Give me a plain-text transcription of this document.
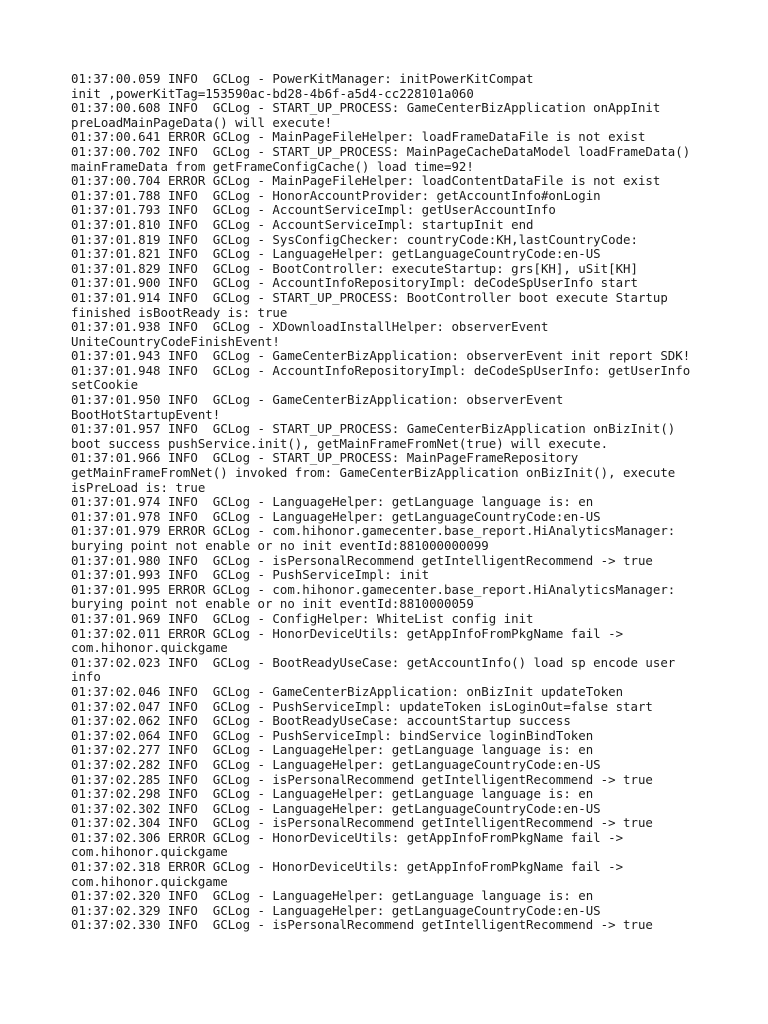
01:37:00.059 INFO  GCLog - PowerKitManager: initPowerKitCompat
init ,powerKitTag=153590ac-bd28-4b6f-a5d4-cc228101a060
01:37:00.608 INFO  GCLog - START_UP_PROCESS: GameCenterBizApplication onAppInit
preLoadMainPageData() will execute!
01:37:00.641 ERROR GCLog - MainPageFileHelper: loadFrameDataFile is not exist
01:37:00.702 INFO  GCLog - START_UP_PROCESS: MainPageCacheDataModel loadFrameData()
mainFrameData from getFrameConfigCache() load time=92!
01:37:00.704 ERROR GCLog - MainPageFileHelper: loadContentDataFile is not exist
01:37:01.788 INFO  GCLog - HonorAccountProvider: getAccountInfo#onLogin
01:37:01.793 INFO  GCLog - AccountServiceImpl: getUserAccountInfo
01:37:01.810 INFO  GCLog - AccountServiceImpl: startupInit end
01:37:01.819 INFO  GCLog - SysConfigChecker: countryCode:KH,lastCountryCode:
01:37:01.821 INFO  GCLog - LanguageHelper: getLanguageCountryCode:en-US
01:37:01.829 INFO  GCLog - BootController: executeStartup: grs[KH], uSit[KH]
01:37:01.900 INFO  GCLog - AccountInfoRepositoryImpl: deCodeSpUserInfo start
01:37:01.914 INFO  GCLog - START_UP_PROCESS: BootController boot execute Startup
finished isBootReady is: true
01:37:01.938 INFO  GCLog - XDownloadInstallHelper: observerEvent
UniteCountryCodeFinishEvent!
01:37:01.943 INFO  GCLog - GameCenterBizApplication: observerEvent init report SDK!
01:37:01.948 INFO  GCLog - AccountInfoRepositoryImpl: deCodeSpUserInfo: getUserInfo
setCookie
01:37:01.950 INFO  GCLog - GameCenterBizApplication: observerEvent
BootHotStartupEvent!
01:37:01.957 INFO  GCLog - START_UP_PROCESS: GameCenterBizApplication onBizInit()
boot success pushService.init(), getMainFrameFromNet(true) will execute.
01:37:01.966 INFO  GCLog - START_UP_PROCESS: MainPageFrameRepository
getMainFrameFromNet() invoked from: GameCenterBizApplication onBizInit(), execute
isPreLoad is: true
01:37:01.974 INFO  GCLog - LanguageHelper: getLanguage language is: en
01:37:01.978 INFO  GCLog - LanguageHelper: getLanguageCountryCode:en-US
01:37:01.979 ERROR GCLog - com.hihonor.gamecenter.base_report.HiAnalyticsManager:
burying point not enable or no init eventId:881000000099
01:37:01.980 INFO  GCLog - isPersonalRecommend getIntelligentRecommend -> true
01:37:01.993 INFO  GCLog - PushServiceImpl: init
01:37:01.995 ERROR GCLog - com.hihonor.gamecenter.base_report.HiAnalyticsManager:
burying point not enable or no init eventId:8810000059
01:37:01.969 INFO  GCLog - ConfigHelper: WhiteList config init
01:37:02.011 ERROR GCLog - HonorDeviceUtils: getAppInfoFromPkgName fail ->
com.hihonor.quickgame
01:37:02.023 INFO  GCLog - BootReadyUseCase: getAccountInfo() load sp encode user
info
01:37:02.046 INFO  GCLog - GameCenterBizApplication: onBizInit updateToken
01:37:02.047 INFO  GCLog - PushServiceImpl: updateToken isLoginOut=false start
01:37:02.062 INFO  GCLog - BootReadyUseCase: accountStartup success
01:37:02.064 INFO  GCLog - PushServiceImpl: bindService loginBindToken
01:37:02.277 INFO  GCLog - LanguageHelper: getLanguage language is: en
01:37:02.282 INFO  GCLog - LanguageHelper: getLanguageCountryCode:en-US
01:37:02.285 INFO  GCLog - isPersonalRecommend getIntelligentRecommend -> true
01:37:02.298 INFO  GCLog - LanguageHelper: getLanguage language is: en
01:37:02.302 INFO  GCLog - LanguageHelper: getLanguageCountryCode:en-US
01:37:02.304 INFO  GCLog - isPersonalRecommend getIntelligentRecommend -> true
01:37:02.306 ERROR GCLog - HonorDeviceUtils: getAppInfoFromPkgName fail ->
com.hihonor.quickgame
01:37:02.318 ERROR GCLog - HonorDeviceUtils: getAppInfoFromPkgName fail ->
com.hihonor.quickgame
01:37:02.320 INFO  GCLog - LanguageHelper: getLanguage language is: en
01:37:02.329 INFO  GCLog - LanguageHelper: getLanguageCountryCode:en-US
01:37:02.330 INFO  GCLog - isPersonalRecommend getIntelligentRecommend -> true
